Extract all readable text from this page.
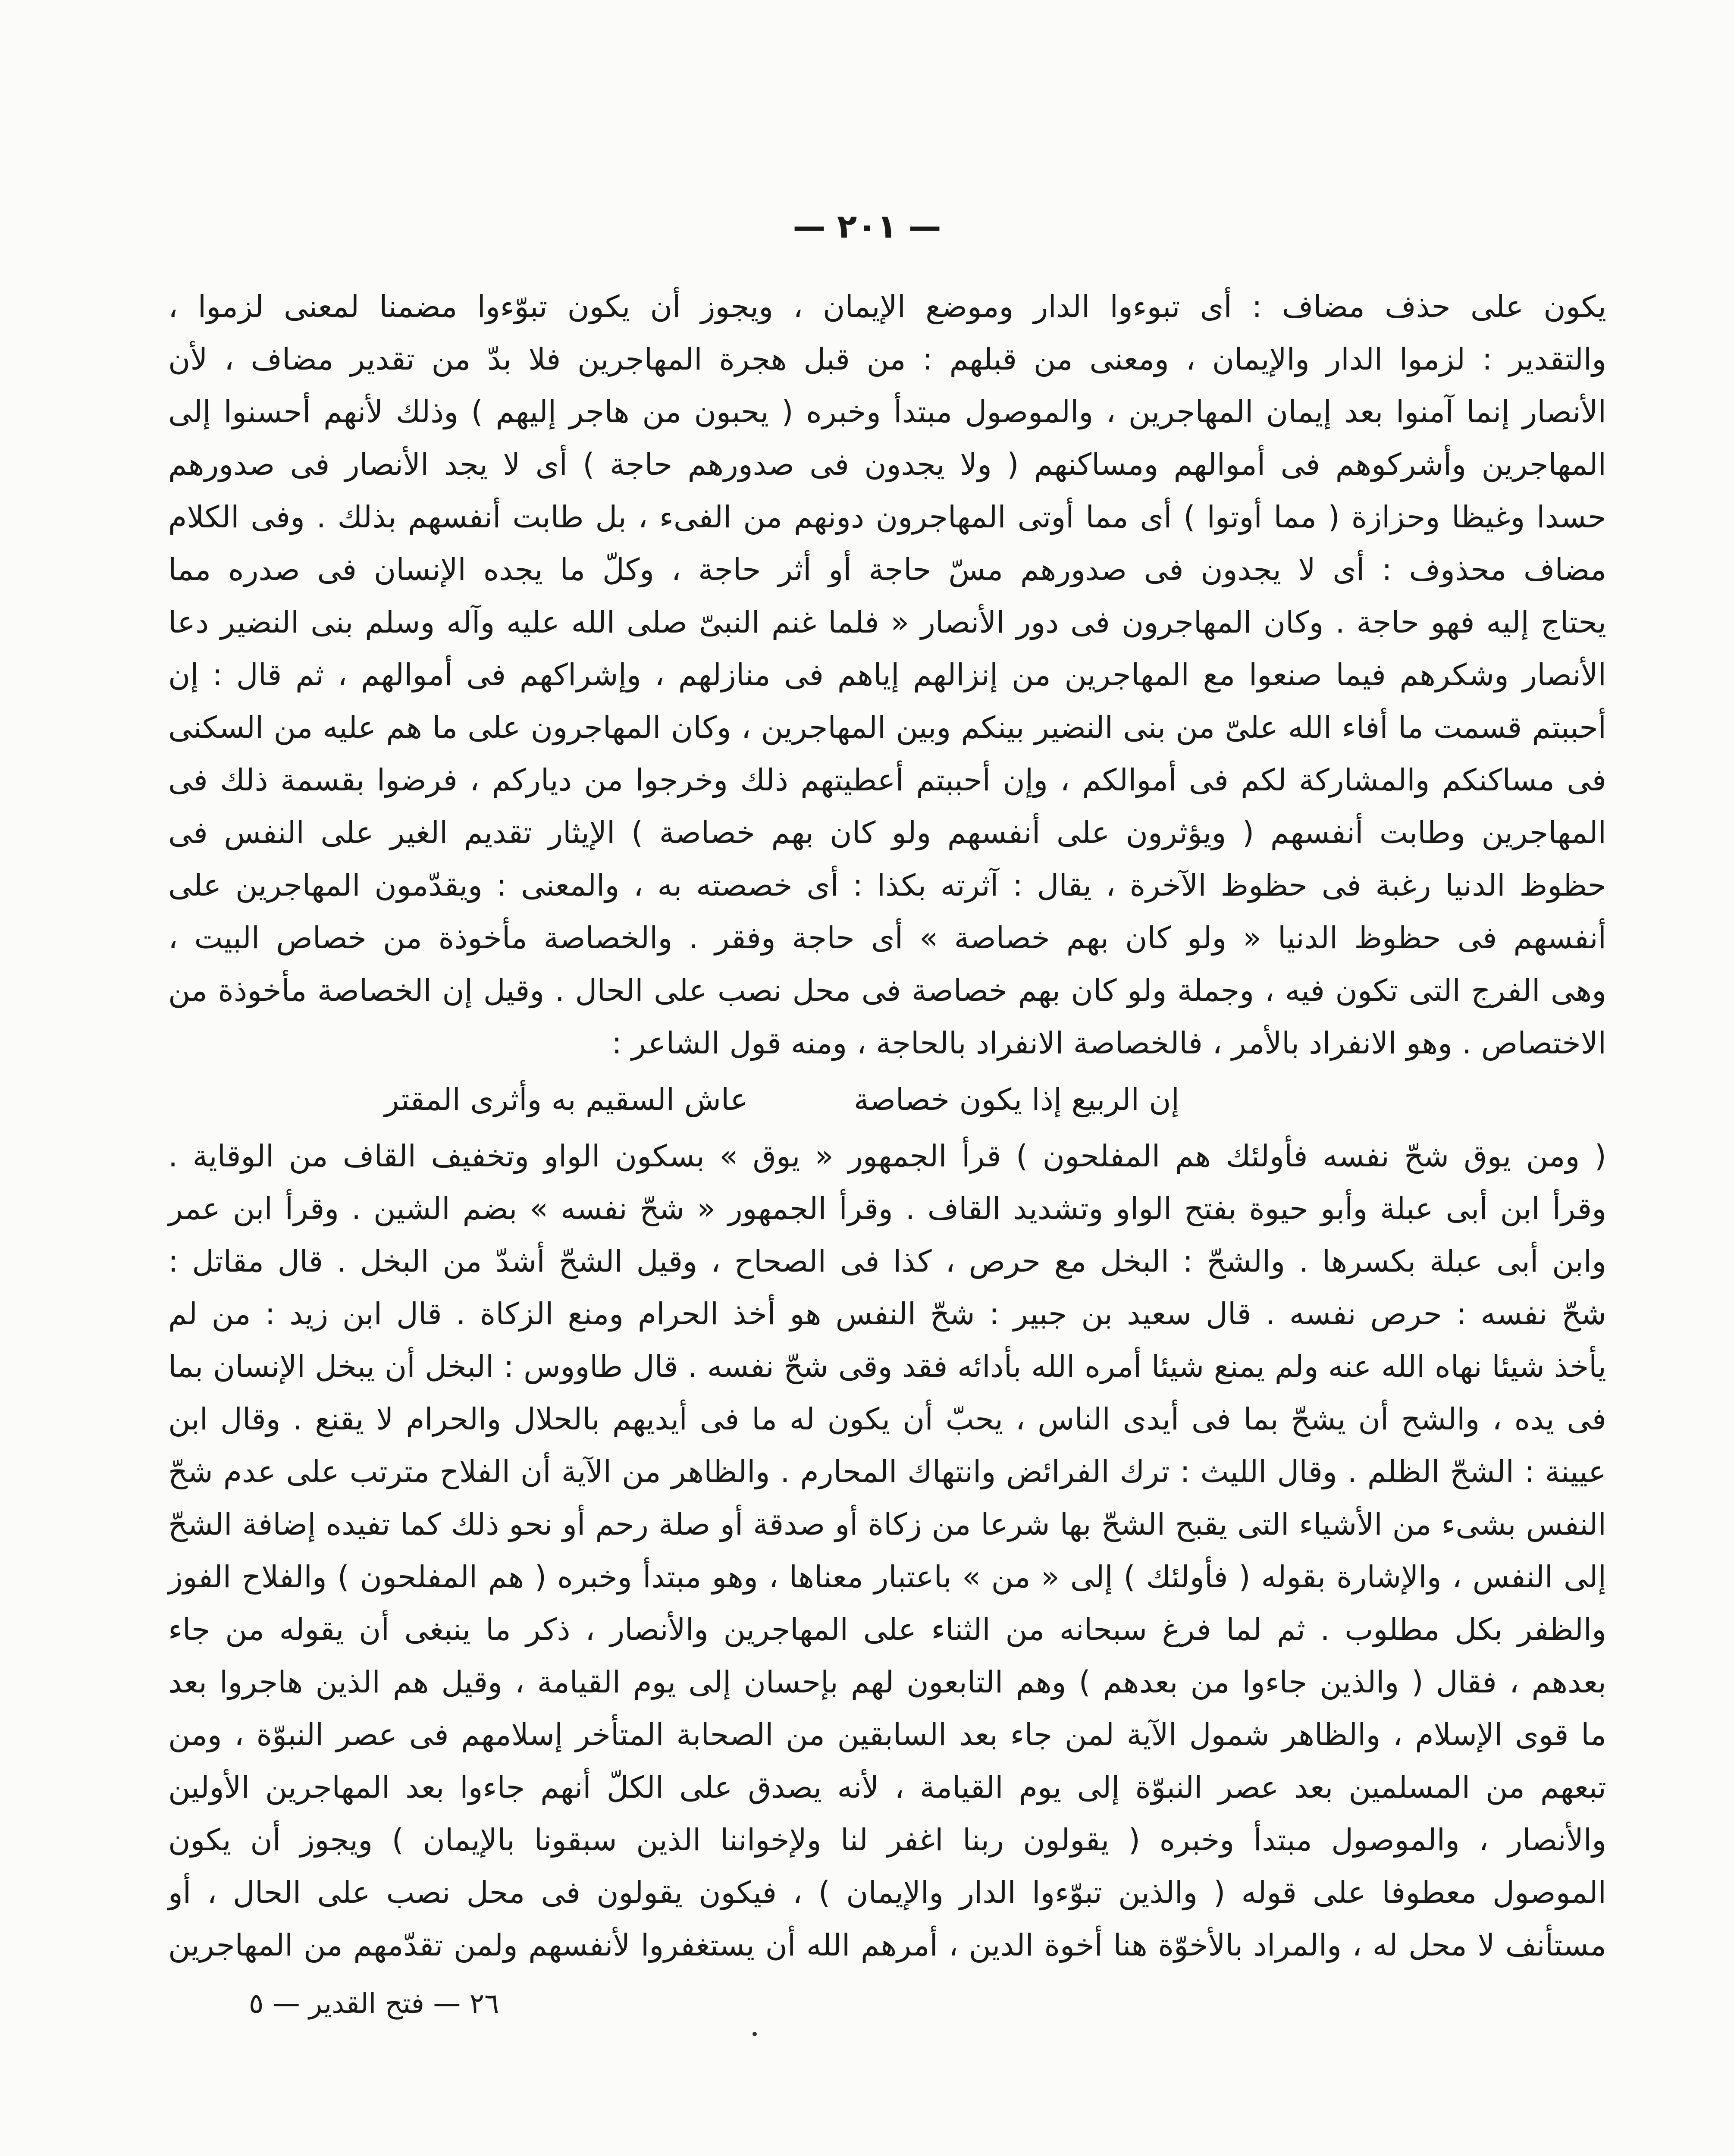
— ٢٠١ —
يكون على حذف مضاف : أى تبوءوا الدار وموضع الإيمان ، ويجوز أن يكون تبوّءوا مضمنا لمعنى لزموا ،
والتقدير : لزموا الدار والإيمان ، ومعنى من قبلهم : من قبل هجرة المهاجرين فلا بدّ من تقدير مضاف ، لأن
الأنصار إنما آمنوا بعد إيمان المهاجرين ، والموصول مبتدأ وخبره ( يحبون من هاجر إليهم ) وذلك لأنهم أحسنوا إلى
المهاجرين وأشركوهم فى أموالهم ومساكنهم ( ولا يجدون فى صدورهم حاجة ) أى لا يجد الأنصار فى صدورهم
حسدا وغيظا وحزازة ( مما أوتوا ) أى مما أوتى المهاجرون دونهم من الفىء ، بل طابت أنفسهم بذلك . وفى الكلام
مضاف محذوف : أى لا يجدون فى صدورهم مسّ حاجة أو أثر حاجة ، وكلّ ما يجده الإنسان فى صدره مما
يحتاج إليه فهو حاجة . وكان المهاجرون فى دور الأنصار « فلما غنم النبىّ صلى الله عليه وآله وسلم بنى النضير دعا
الأنصار وشكرهم فيما صنعوا مع المهاجرين من إنزالهم إياهم فى منازلهم ، وإشراكهم فى أموالهم ، ثم قال : إن
أحببتم قسمت ما أفاء الله علىّ من بنى النضير بينكم وبين المهاجرين ، وكان المهاجرون على ما هم عليه من السكنى
فى مساكنكم والمشاركة لكم فى أموالكم ، وإن أحببتم أعطيتهم ذلك وخرجوا من دياركم ، فرضوا بقسمة ذلك فى
المهاجرين وطابت أنفسهم ( ويؤثرون على أنفسهم ولو كان بهم خصاصة ) الإيثار تقديم الغير على النفس فى
حظوظ الدنيا رغبة فى حظوظ الآخرة ، يقال : آثرته بكذا : أى خصصته به ، والمعنى : ويقدّمون المهاجرين على
أنفسهم فى حظوظ الدنيا « ولو كان بهم خصاصة » أى حاجة وفقر . والخصاصة مأخوذة من خصاص البيت ،
وهى الفرج التى تكون فيه ، وجملة ولو كان بهم خصاصة فى محل نصب على الحال . وقيل إن الخصاصة مأخوذة من
الاختصاص . وهو الانفراد بالأمر ، فالخصاصة الانفراد بالحاجة ، ومنه قول الشاعر :
إن الربيع إذا يكون خصاصة
عاش السقيم به وأثرى المقتر
( ومن يوق شحّ نفسه فأولئك هم المفلحون ) قرأ الجمهور « يوق » بسكون الواو وتخفيف القاف من الوقاية .
وقرأ ابن أبى عبلة وأبو حيوة بفتح الواو وتشديد القاف . وقرأ الجمهور « شحّ نفسه » بضم الشين . وقرأ ابن عمر
وابن أبى عبلة بكسرها . والشحّ : البخل مع حرص ، كذا فى الصحاح ، وقيل الشحّ أشدّ من البخل . قال مقاتل :
شحّ نفسه : حرص نفسه . قال سعيد بن جبير : شحّ النفس هو أخذ الحرام ومنع الزكاة . قال ابن زيد : من لم
يأخذ شيئا نهاه الله عنه ولم يمنع شيئا أمره الله بأدائه فقد وقى شحّ نفسه . قال طاووس : البخل أن يبخل الإنسان بما
فى يده ، والشح أن يشحّ بما فى أيدى الناس ، يحبّ أن يكون له ما فى أيديهم بالحلال والحرام لا يقنع . وقال ابن
عيينة : الشحّ الظلم . وقال الليث : ترك الفرائض وانتهاك المحارم . والظاهر من الآية أن الفلاح مترتب على عدم شحّ
النفس بشىء من الأشياء التى يقبح الشحّ بها شرعا من زكاة أو صدقة أو صلة رحم أو نحو ذلك كما تفيده إضافة الشحّ
إلى النفس ، والإشارة بقوله ( فأولئك ) إلى « من » باعتبار معناها ، وهو مبتدأ وخبره ( هم المفلحون ) والفلاح الفوز
والظفر بكل مطلوب . ثم لما فرغ سبحانه من الثناء على المهاجرين والأنصار ، ذكر ما ينبغى أن يقوله من جاء
بعدهم ، فقال ( والذين جاءوا من بعدهم ) وهم التابعون لهم بإحسان إلى يوم القيامة ، وقيل هم الذين هاجروا بعد
ما قوى الإسلام ، والظاهر شمول الآية لمن جاء بعد السابقين من الصحابة المتأخر إسلامهم فى عصر النبوّة ، ومن
تبعهم من المسلمين بعد عصر النبوّة إلى يوم القيامة ، لأنه يصدق على الكلّ أنهم جاءوا بعد المهاجرين الأولين
والأنصار ، والموصول مبتدأ وخبره ( يقولون ربنا اغفر لنا ولإخواننا الذين سبقونا بالإيمان ) ويجوز أن يكون
الموصول معطوفا على قوله ( والذين تبوّءوا الدار والإيمان ) ، فيكون يقولون فى محل نصب على الحال ، أو
مستأنف لا محل له ، والمراد بالأخوّة هنا أخوة الدين ، أمرهم الله أن يستغفروا لأنفسهم ولمن تقدّمهم من المهاجرين
٢٦ — فتح القدير — ٥
